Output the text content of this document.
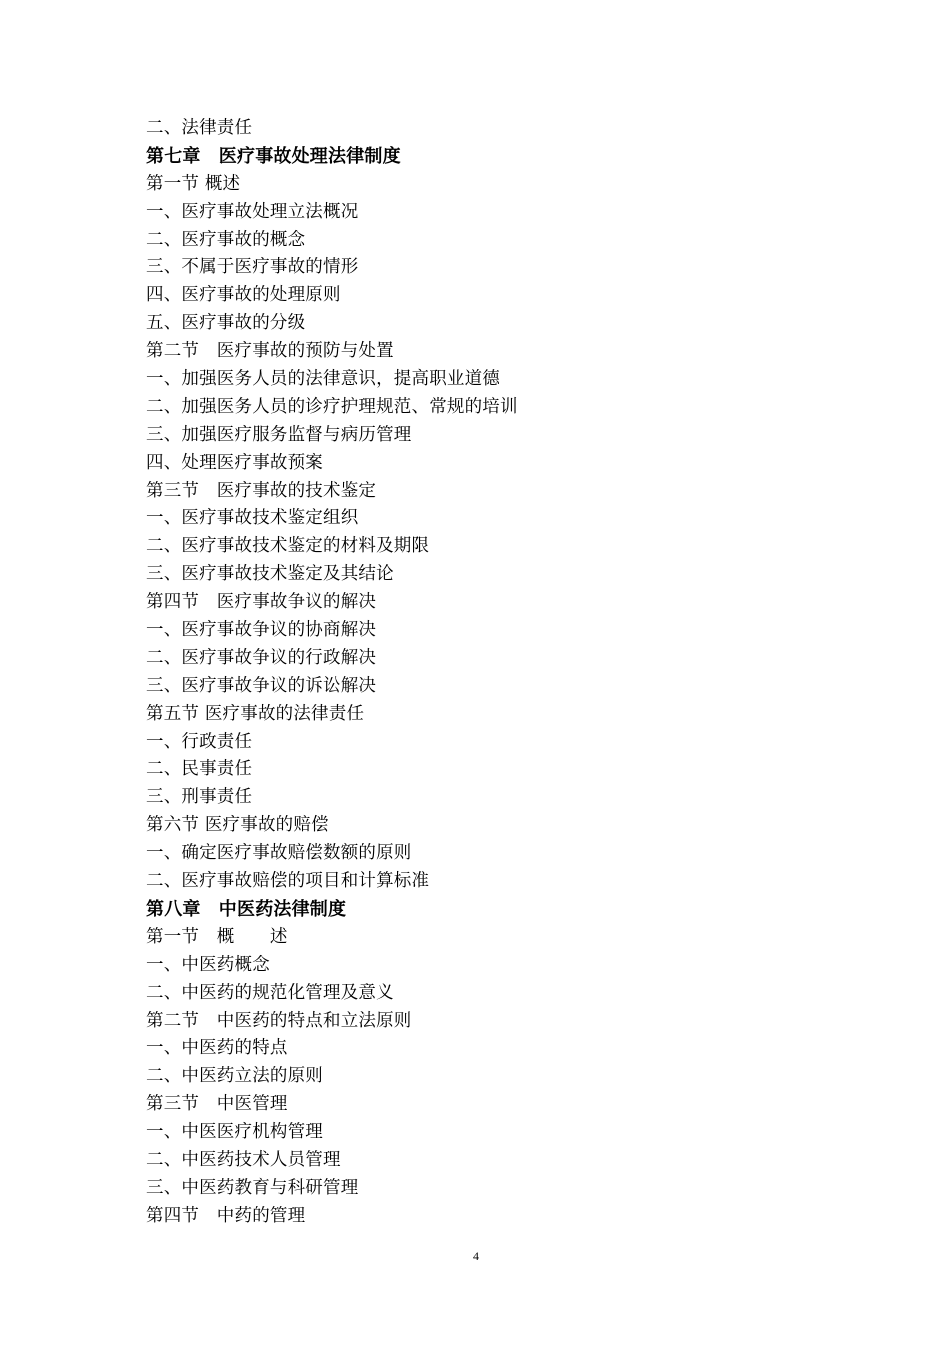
二、法律责任
第七章　医疗事故处理法律制度
第一节 概述
一、医疗事故处理立法概况
二、医疗事故的概念
三、不属于医疗事故的情形
四、医疗事故的处理原则
五、医疗事故的分级
第二节　医疗事故的预防与处置
一、加强医务人员的法律意识，提高职业道德
二、加强医务人员的诊疗护理规范、常规的培训
三、加强医疗服务监督与病历管理
四、处理医疗事故预案
第三节　医疗事故的技术鉴定
一、医疗事故技术鉴定组织
二、医疗事故技术鉴定的材料及期限
三、医疗事故技术鉴定及其结论
第四节　医疗事故争议的解决
一、医疗事故争议的协商解决
二、医疗事故争议的行政解决
三、医疗事故争议的诉讼解决
第五节 医疗事故的法律责任
一、行政责任
二、民事责任
三、刑事责任
第六节 医疗事故的赔偿
一、确定医疗事故赔偿数额的原则
二、医疗事故赔偿的项目和计算标准
第八章　中医药法律制度
第一节　概　　述
一、中医药概念
二、中医药的规范化管理及意义
第二节　中医药的特点和立法原则
一、中医药的特点
二、中医药立法的原则
第三节　中医管理
一、中医医疗机构管理
二、中医药技术人员管理
三、中医药教育与科研管理
第四节　中药的管理
4
